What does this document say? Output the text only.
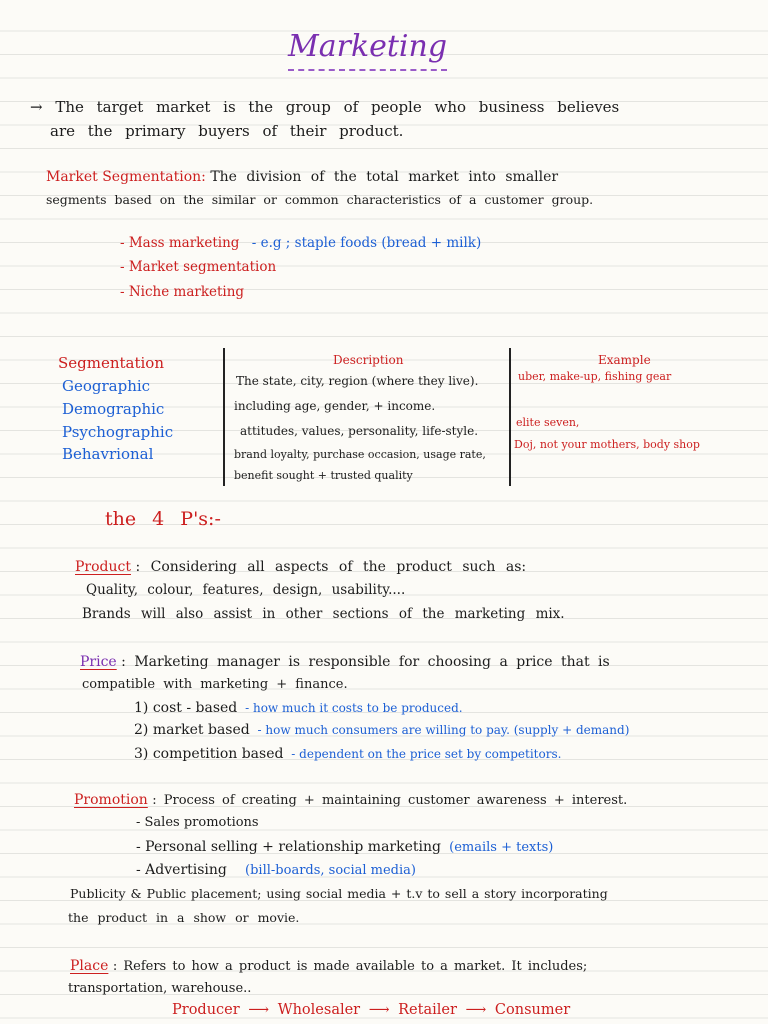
Marketing
→ The target market is the group of people who business believes
are the primary buyers of their product.
Market Segmentation: The division of the total market into smaller
segments based on the similar or common characteristics of a customer group.
- Mass marketing - e.g ; staple foods (bread + milk)
- Market segmentation
- Niche marketing
Segmentation	Description	Example
Geographic
Demographic
Psychographic
Behavrional
The state, city, region (where they live).
including age, gender, + income.
attitudes, values, personality, life-style.
brand loyalty, purchase occasion, usage rate,
benefit sought + trusted quality
uber, make-up, fishing gear
elite seven,
Doj, not your mothers, body shop
the 4 P's:-
Product : Considering all aspects of the product such as:
Quality, colour, features, design, usability....
Brands will also assist in other sections of the marketing mix.
Price : Marketing manager is responsible for choosing a price that is
compatible with marketing + finance.
1) cost - based - how much it costs to be produced.
2) market based - how much consumers are willing to pay. (supply + demand)
3) competition based - dependent on the price set by competitors.
Promotion : Process of creating + maintaining customer awareness + interest.
- Sales promotions
- Personal selling + relationship marketing (emails + texts)
- Advertising (bill-boards, social media)
Publicity & Public placement; using social media + t.v to sell a story incorporating
the product in a show or movie.
Place : Refers to how a product is made available to a market. It includes;
transportation, warehouse..
Producer ⟶ Wholesaler ⟶ Retailer ⟶ Consumer
